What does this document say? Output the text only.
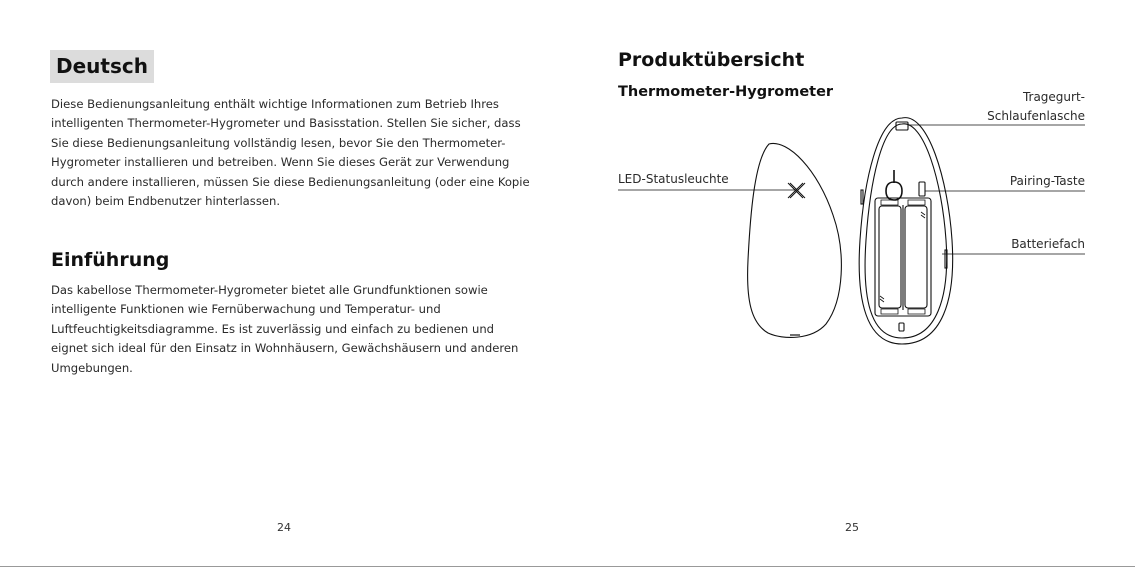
Deutsch

Diese Bedienungsanleitung enthält wichtige Informationen zum Betrieb Ihres intelligenten Thermometer-Hygrometer und Basisstation. Stellen Sie sicher, dass Sie diese Bedienungsanleitung vollständig lesen, bevor Sie den Thermometer-Hygrometer installieren und betreiben. Wenn Sie dieses Gerät zur Verwendung durch andere installieren, müssen Sie diese Bedienungsanleitung (oder eine Kopie davon) beim Endbenutzer hinterlassen.

Einführung

Das kabellose Thermometer-Hygrometer bietet alle Grundfunktionen sowie intelligente Funktionen wie Fernüberwachung und Temperatur- und Luftfeuchtigkeitsdiagramme. Es ist zuverlässig und einfach zu bedienen und eignet sich ideal für den Einsatz in Wohnhäusern, Gewächshäusern und anderen Umgebungen.

24
Produktübersicht
Thermometer-Hygrometer	Tragegurt-
Schlaufenlasche
LED-Statusleuchte	Pairing-Taste
Batteriefach
25
